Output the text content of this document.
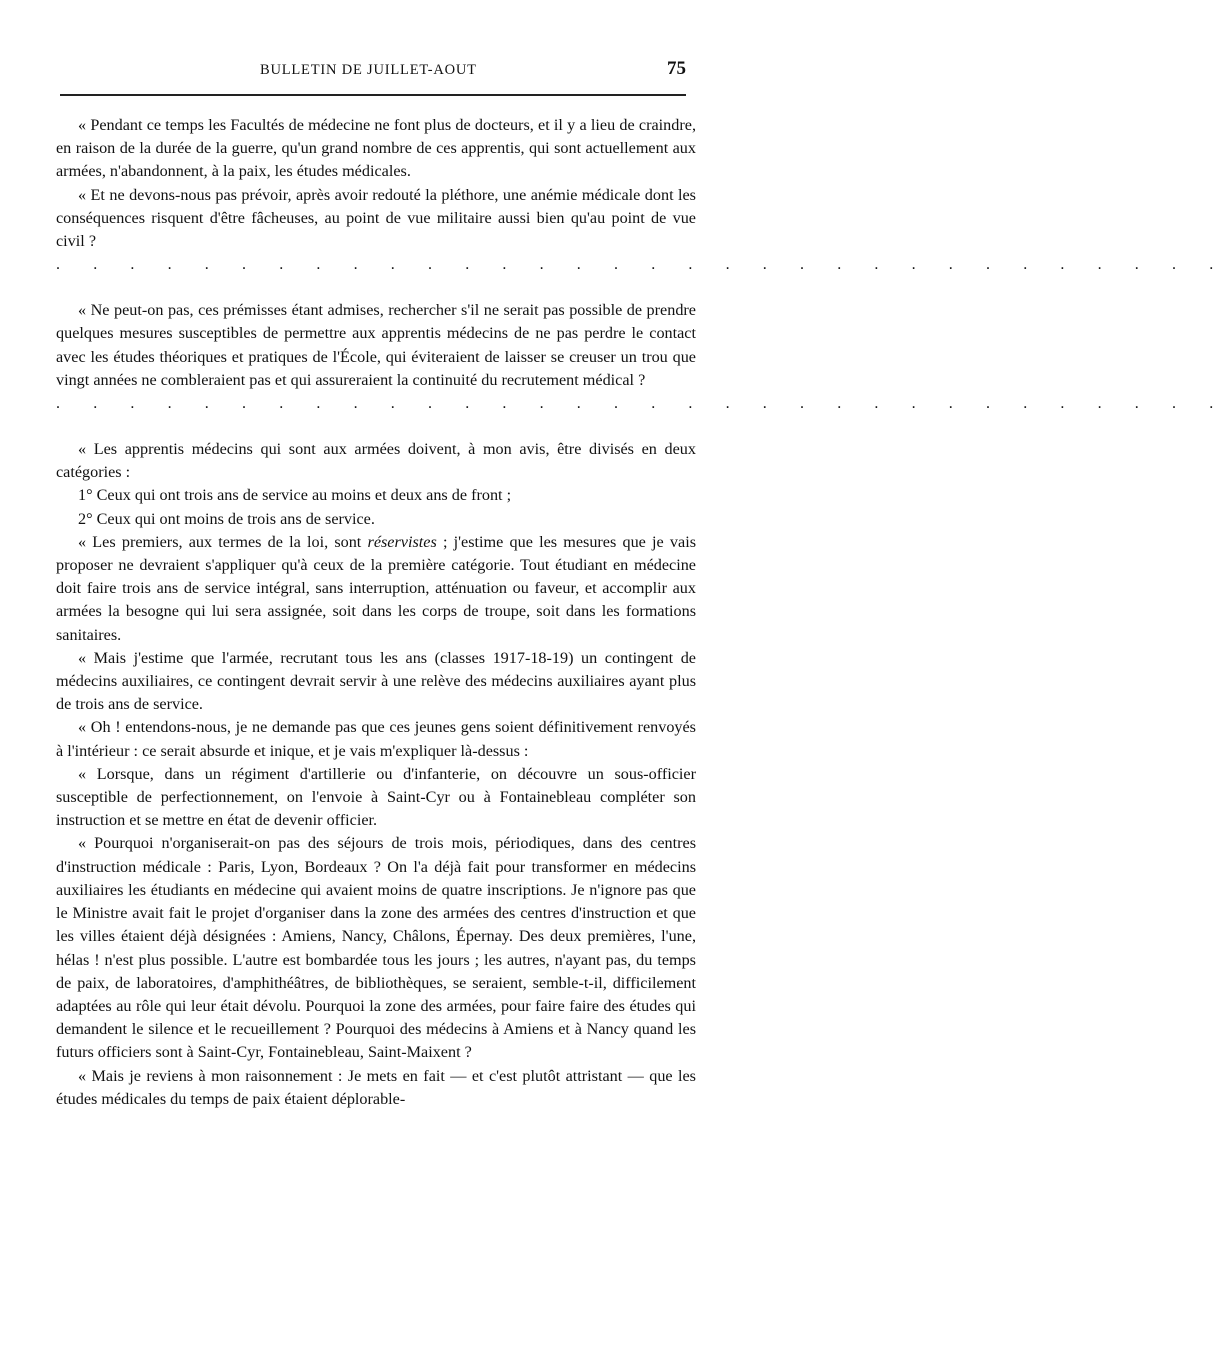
BULLETIN DE JUILLET-AOUT	75

« Pendant ce temps les Facultés de médecine ne font plus de docteurs, et il y a lieu de craindre, en raison de la durée de la guerre, qu'un grand nombre de ces apprentis, qui sont actuellement aux armées, n'abandonnent, à la paix, les études médicales.

« Et ne devons-nous pas prévoir, après avoir redouté la pléthore, une anémie médicale dont les conséquences risquent d'être fâcheuses, au point de vue militaire aussi bien qu'au point de vue civil ?

. . . . . . . . . . . . . . . . . . . . . . . . . . . . . . . .

« Ne peut-on pas, ces prémisses étant admises, rechercher s'il ne serait pas possible de prendre quelques mesures susceptibles de permettre aux apprentis médecins de ne pas perdre le contact avec les études théoriques et pratiques de l'École, qui éviteraient de laisser se creuser un trou que vingt années ne combleraient pas et qui assureraient la continuité du recrutement médical ?

. . . . . . . . . . . . . . . . . . . . . . . . . . . . . . . .

« Les apprentis médecins qui sont aux armées doivent, à mon avis, être divisés en deux catégories :

1° Ceux qui ont trois ans de service au moins et deux ans de front ;

2° Ceux qui ont moins de trois ans de service.

« Les premiers, aux termes de la loi, sont réservistes ; j'estime que les mesures que je vais proposer ne devraient s'appliquer qu'à ceux de la première catégorie. Tout étudiant en médecine doit faire trois ans de service intégral, sans interruption, atténuation ou faveur, et accomplir aux armées la besogne qui lui sera assignée, soit dans les corps de troupe, soit dans les formations sanitaires.

« Mais j'estime que l'armée, recrutant tous les ans (classes 1917-18-19) un contingent de médecins auxiliaires, ce contingent devrait servir à une relève des médecins auxiliaires ayant plus de trois ans de service.

« Oh ! entendons-nous, je ne demande pas que ces jeunes gens soient définitivement renvoyés à l'intérieur : ce serait absurde et inique, et je vais m'expliquer là-dessus :

« Lorsque, dans un régiment d'artillerie ou d'infanterie, on découvre un sous-officier susceptible de perfectionnement, on l'envoie à Saint-Cyr ou à Fontainebleau compléter son instruction et se mettre en état de devenir officier.

« Pourquoi n'organiserait-on pas des séjours de trois mois, périodiques, dans des centres d'instruction médicale : Paris, Lyon, Bordeaux ? On l'a déjà fait pour transformer en médecins auxiliaires les étudiants en médecine qui avaient moins de quatre inscriptions. Je n'ignore pas que le Ministre avait fait le projet d'organiser dans la zone des armées des centres d'instruction et que les villes étaient déjà désignées : Amiens, Nancy, Châlons, Épernay. Des deux premières, l'une, hélas ! n'est plus possible. L'autre est bombardée tous les jours ; les autres, n'ayant pas, du temps de paix, de laboratoires, d'amphithéâtres, de bibliothèques, se seraient, semble-t-il, difficilement adaptées au rôle qui leur était dévolu. Pourquoi la zone des armées, pour faire faire des études qui demandent le silence et le recueillement ? Pourquoi des médecins à Amiens et à Nancy quand les futurs officiers sont à Saint-Cyr, Fontainebleau, Saint-Maixent ?

« Mais je reviens à mon raisonnement : Je mets en fait — et c'est plutôt attristant — que les études médicales du temps de paix étaient déplorable-
